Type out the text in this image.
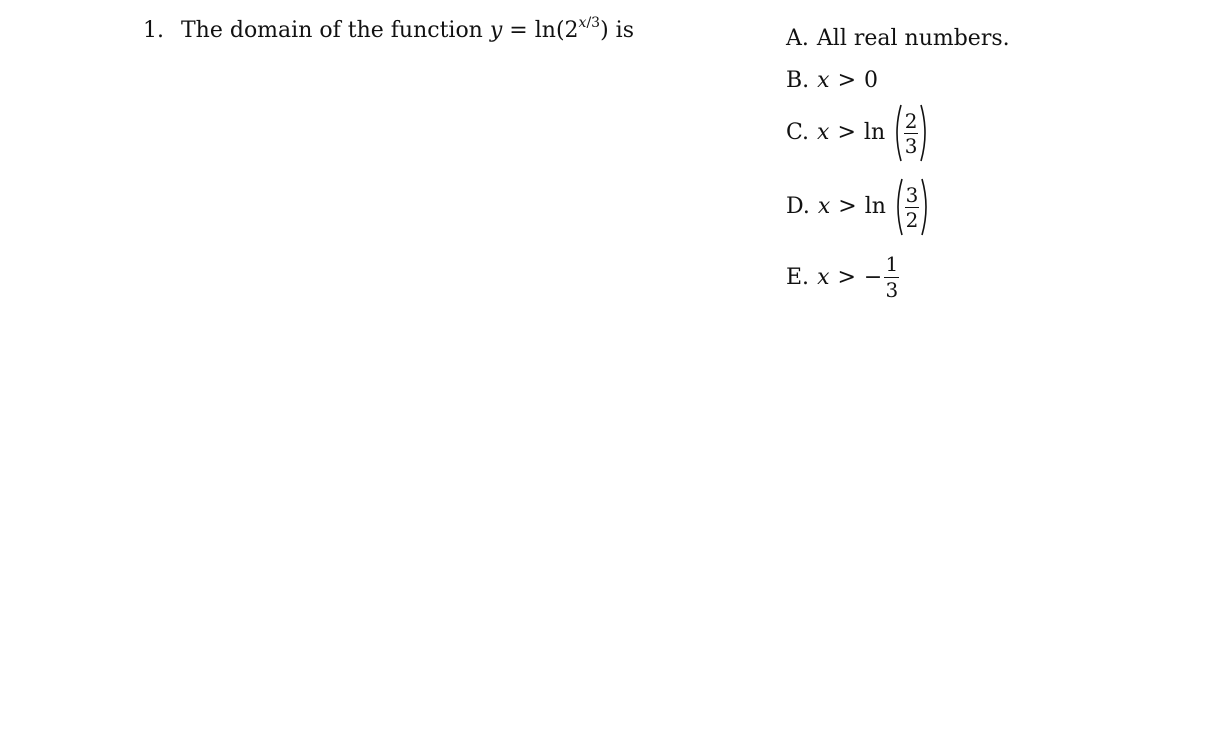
1. The domain of the function $y = \ln(2^{x/3})$ is	A. All real numbers.
B. x > 0
C. $x > \ln \frac{2}{3}$
D. $x > \ln \frac{3}{2}$
E. x > − $\frac{1}{3}$
